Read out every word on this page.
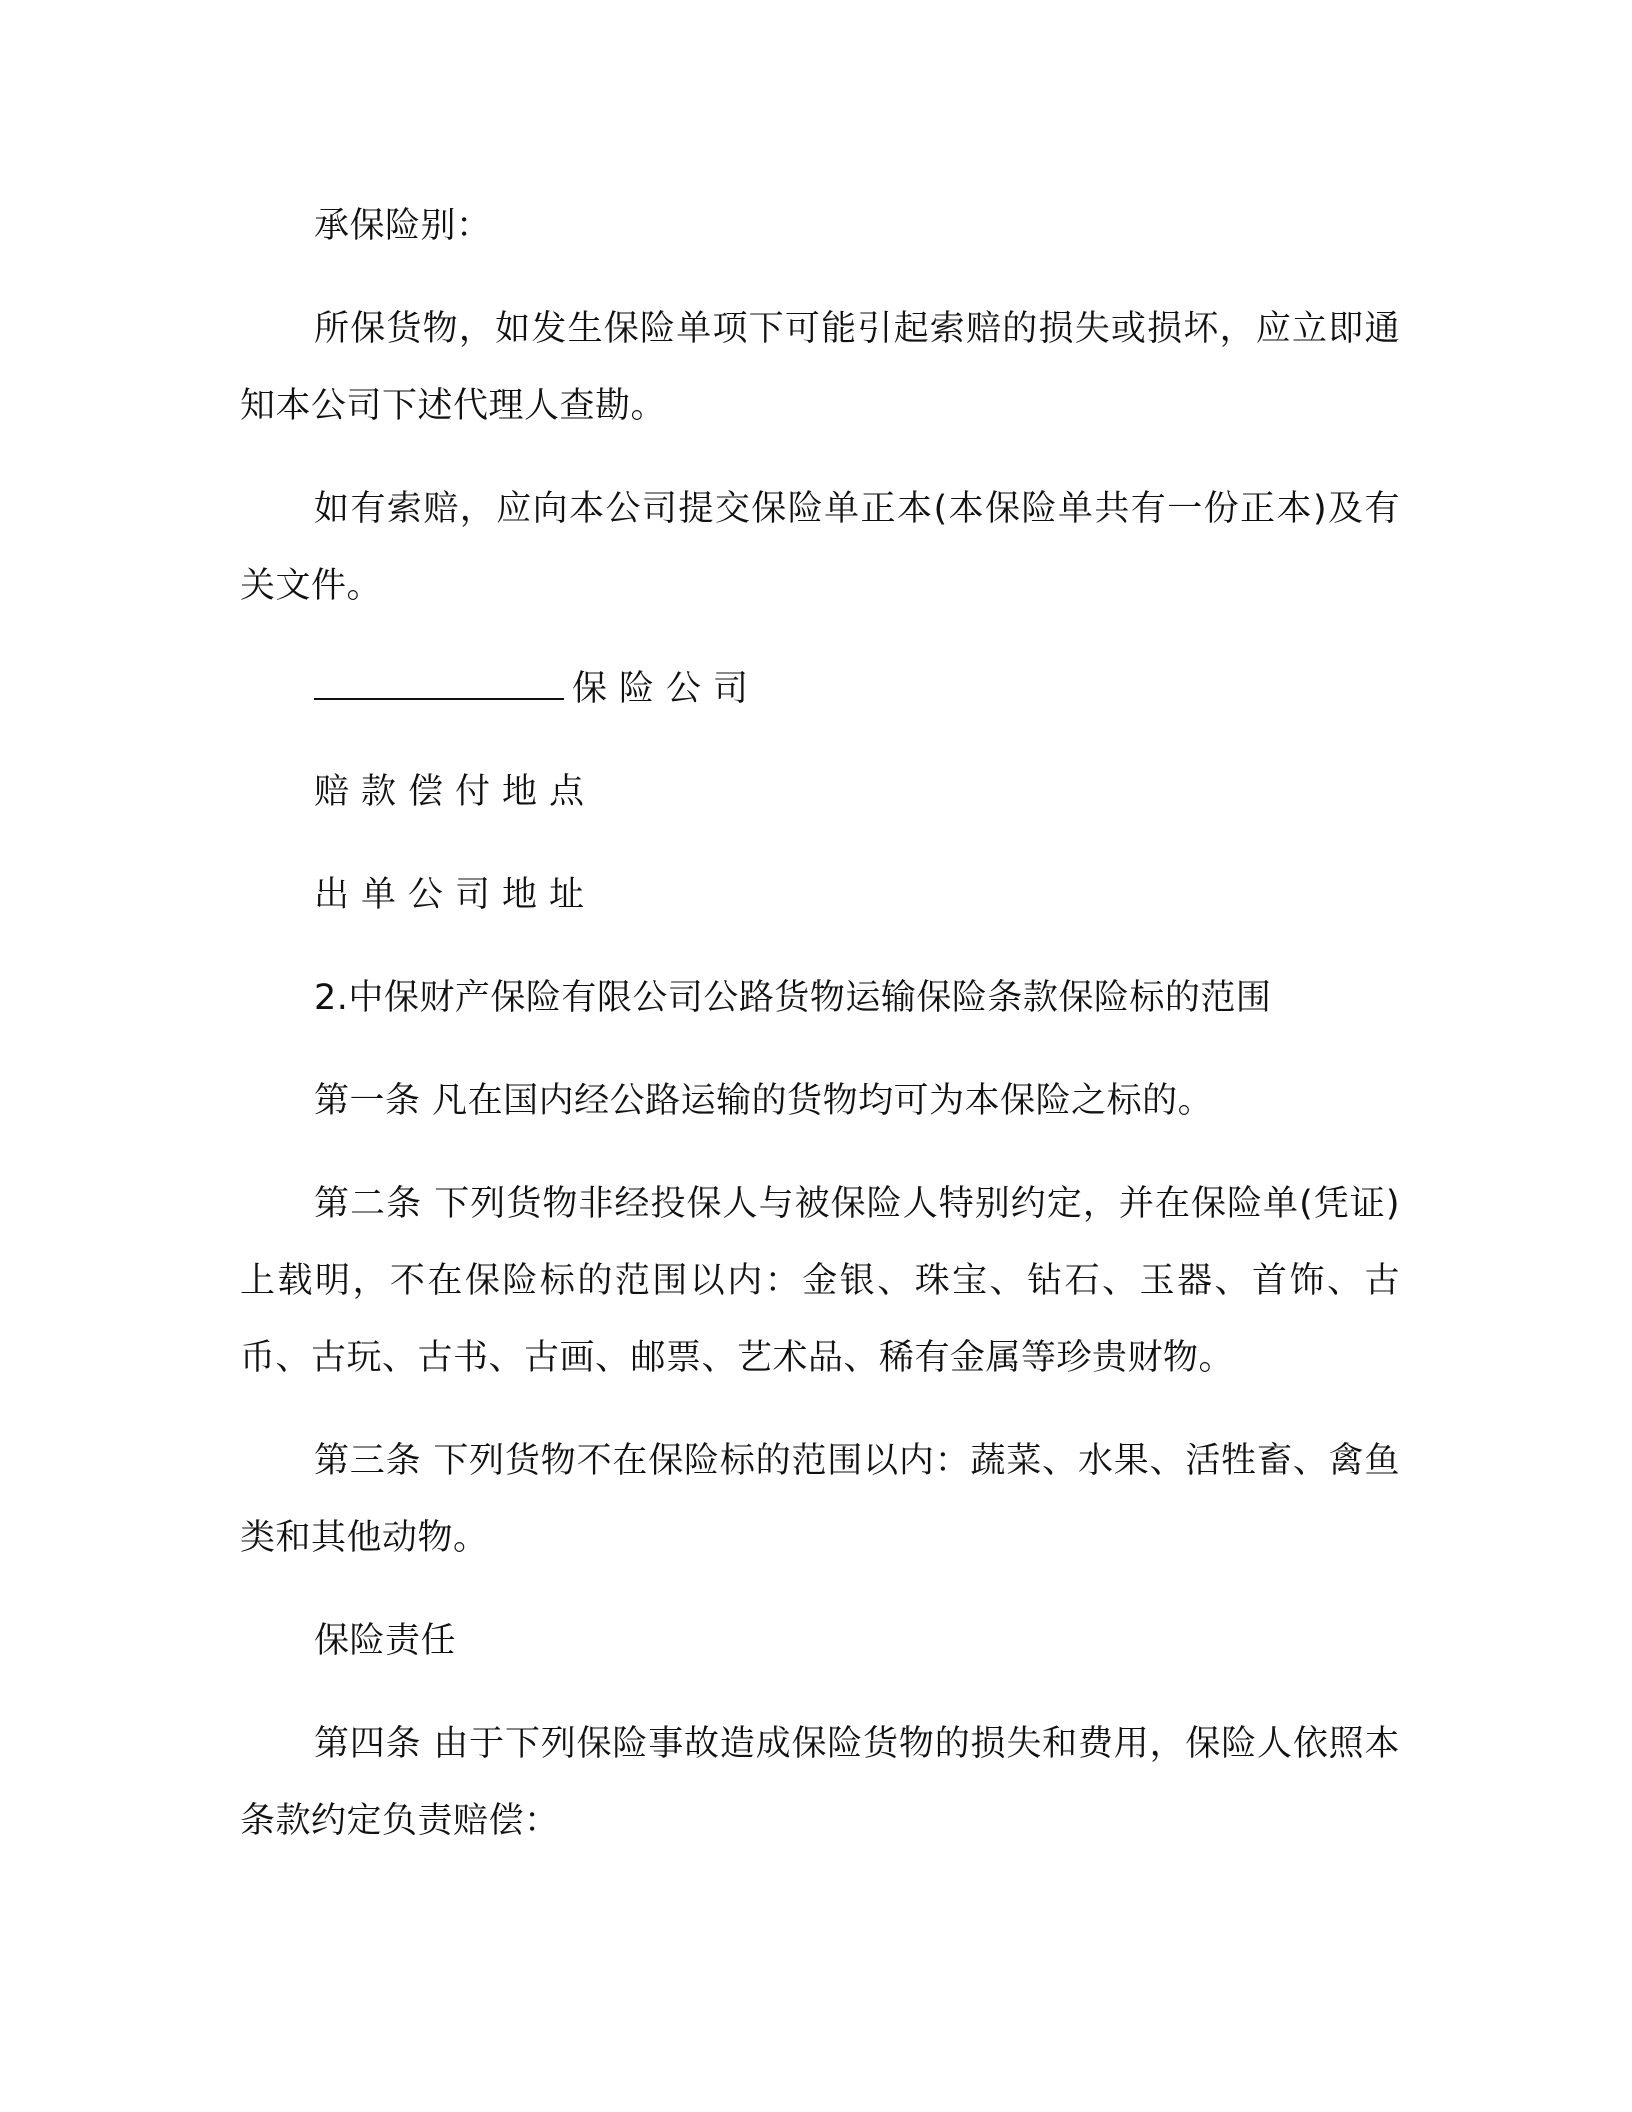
承保险别：

所保货物，如发生保险单项下可能引起索赔的损失或损坏，应立即通知本公司下述代理人查勘。

如有索赔，应向本公司提交保险单正本(本保险单共有一份正本)及有关文件。

保险公司

赔款偿付地点

出单公司地址

2.中保财产保险有限公司公路货物运输保险条款保险标的范围

第一条 凡在国内经公路运输的货物均可为本保险之标的。

第二条 下列货物非经投保人与被保险人特别约定，并在保险单(凭证)上载明，不在保险标的范围以内：金银、珠宝、钻石、玉器、首饰、古币、古玩、古书、古画、邮票、艺术品、稀有金属等珍贵财物。

第三条 下列货物不在保险标的范围以内：蔬菜、水果、活牲畜、禽鱼类和其他动物。

保险责任

第四条 由于下列保险事故造成保险货物的损失和费用，保险人依照本条款约定负责赔偿：
